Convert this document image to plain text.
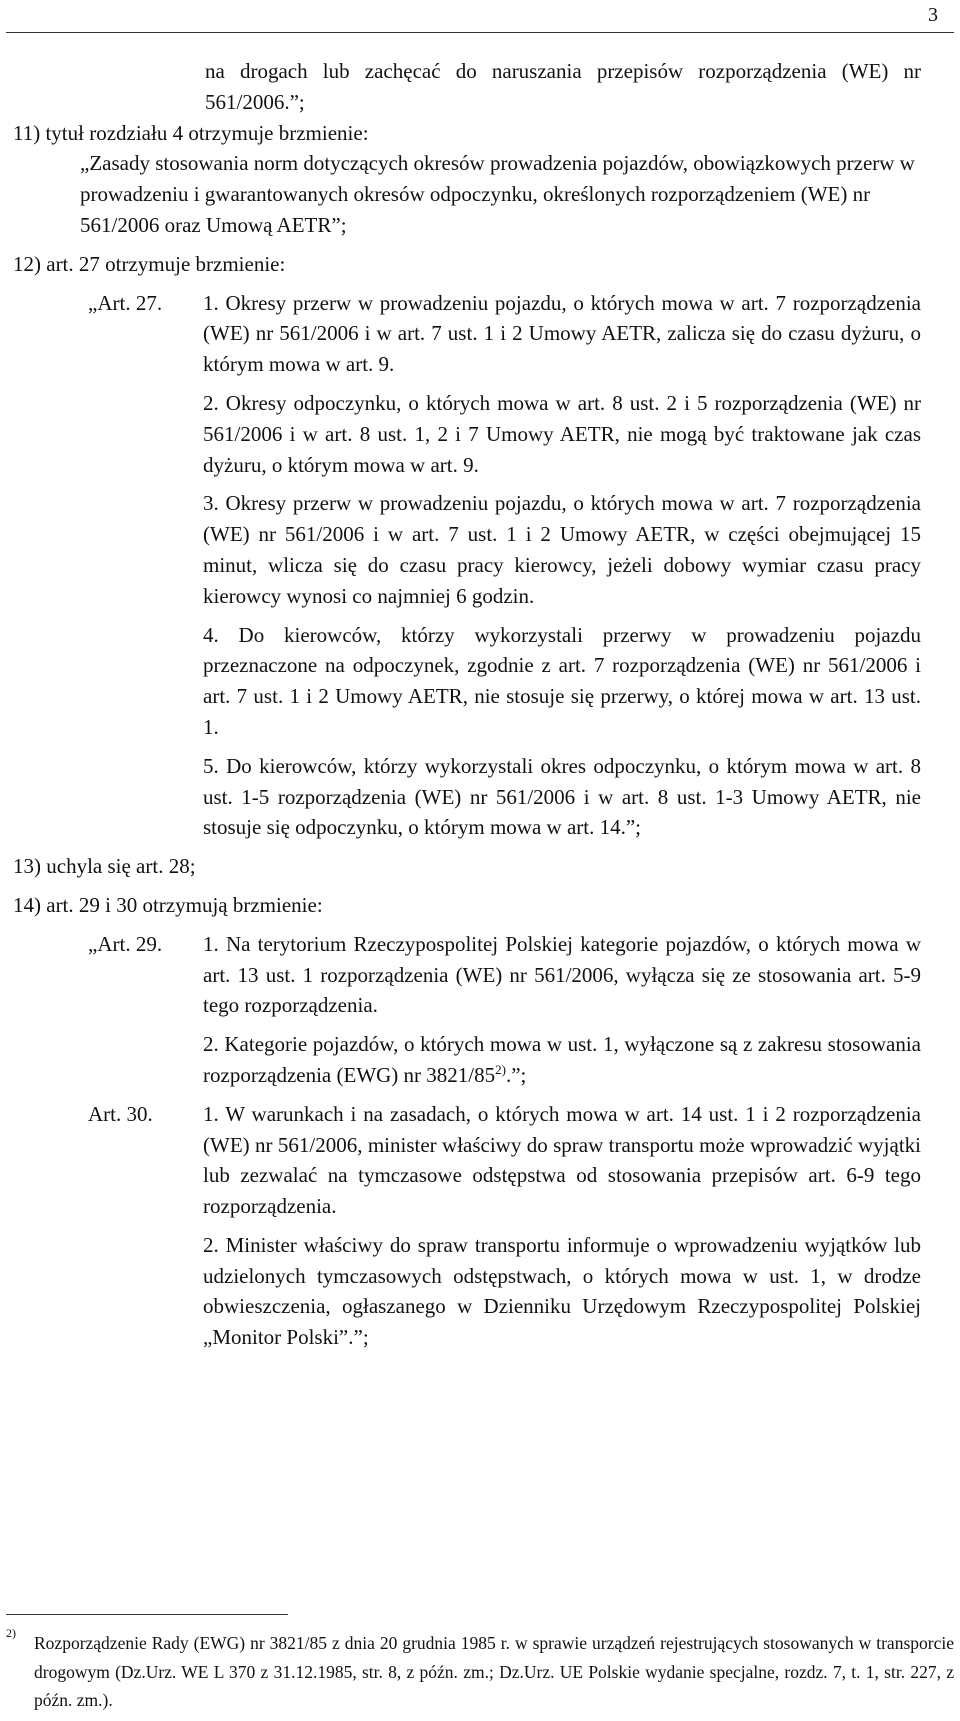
3
na drogach lub zachęcać do naruszania przepisów rozporządzenia (WE) nr 561/2006.”;
11) tytuł rozdziału 4 otrzymuje brzmienie:
„Zasady stosowania norm dotyczących okresów prowadzenia pojazdów, obowiązkowych przerw w prowadzeniu i gwarantowanych okresów odpoczynku, określonych rozporządzeniem (WE) nr 561/2006 oraz Umową AETR”;
12) art. 27 otrzymuje brzmienie:
„Art. 27. 1. Okresy przerw w prowadzeniu pojazdu, o których mowa w art. 7 rozporządzenia (WE) nr 561/2006 i w art. 7 ust. 1 i 2 Umowy AETR, zalicza się do czasu dyżuru, o którym mowa w art. 9.
2. Okresy odpoczynku, o których mowa w art. 8 ust. 2 i 5 rozporządzenia (WE) nr 561/2006 i w art. 8 ust. 1, 2 i 7 Umowy AETR, nie mogą być traktowane jak czas dyżuru, o którym mowa w art. 9.
3. Okresy przerw w prowadzeniu pojazdu, o których mowa w art. 7 rozporządzenia (WE) nr 561/2006 i w art. 7 ust. 1 i 2 Umowy AETR, w części obejmującej 15 minut, wlicza się do czasu pracy kierowcy, jeżeli dobowy wymiar czasu pracy kierowcy wynosi co najmniej 6 godzin.
4. Do kierowców, którzy wykorzystali przerwy w prowadzeniu pojazdu przeznaczone na odpoczynek, zgodnie z art. 7 rozporządzenia (WE) nr 561/2006 i art. 7 ust. 1 i 2 Umowy AETR, nie stosuje się przerwy, o której mowa w art. 13 ust. 1.
5. Do kierowców, którzy wykorzystali okres odpoczynku, o którym mowa w art. 8 ust. 1-5 rozporządzenia (WE) nr 561/2006 i w art. 8 ust. 1-3 Umowy AETR, nie stosuje się odpoczynku, o którym mowa w art. 14.”;
13) uchyla się art. 28;
14) art. 29 i 30 otrzymują brzmienie:
„Art. 29. 1. Na terytorium Rzeczypospolitej Polskiej kategorie pojazdów, o których mowa w art. 13 ust. 1 rozporządzenia (WE) nr 561/2006, wyłącza się ze stosowania art. 5-9 tego rozporządzenia.
2. Kategorie pojazdów, o których mowa w ust. 1, wyłączone są z zakresu stosowania rozporządzenia (EWG) nr 3821/85$^{2)}$.”;
Art. 30. 1. W warunkach i na zasadach, o których mowa w art. 14 ust. 1 i 2 rozporządzenia (WE) nr 561/2006, minister właściwy do spraw transportu może wprowadzić wyjątki lub zezwalać na tymczasowe odstępstwa od stosowania przepisów art. 6-9 tego rozporządzenia.
2. Minister właściwy do spraw transportu informuje o wprowadzeniu wyjątków lub udzielonych tymczasowych odstępstwach, o których mowa w ust. 1, w drodze obwieszczenia, ogłaszanego w Dzienniku Urzędowym Rzeczypospolitej Polskiej „Monitor Polski”.”;
2) Rozporządzenie Rady (EWG) nr 3821/85 z dnia 20 grudnia 1985 r. w sprawie urządzeń rejestrujących stosowanych w transporcie drogowym (Dz.Urz. WE L 370 z 31.12.1985, str. 8, z późn. zm.; Dz.Urz. UE Polskie wydanie specjalne, rozdz. 7, t. 1, str. 227, z późn. zm.).
